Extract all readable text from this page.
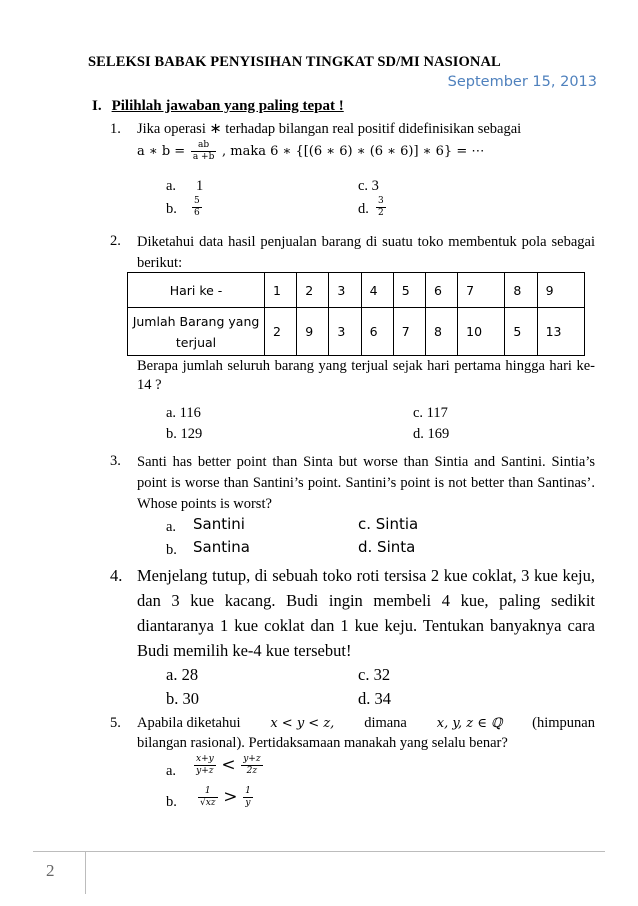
SELEKSI BABAK PENYISIHAN TINGKAT SD/MI NASIONAL
September 15, 2013
I. Pilihlah jawaban yang paling tepat !
1. Jika operasi ∗ terhadap bilangan real positif didefinisikan sebagai
a ∗ $b = \frac{ab}{a +b}$ , maka 6 ∗ {[(6 ∗ 6) ∗ (6 ∗ 6)] ∗ 6} = ⋯
a. 1
b. $\frac{5}{6}$
c. 3
d. $\frac{3}{2}$
2. Diketahui data hasil penjualan barang di suatu toko membentuk pola sebagai berikut:
Hari ke -	1	2	3	4	5	6	7	8	9
Jumlah Barang yang terjual	2	9	3	6	7	8	10	5	13
Berapa jumlah seluruh barang yang terjual sejak hari pertama hingga hari ke-14 ?
a. 116
b. 129
c. 117
d. 169
3. Santi has better point than Sinta but worse than Sintia and Santini. Sintia’s point is worse than Santini’s point. Santini’s point is not better than Santinas’. Whose points is worst?
a. Santini
b. Santina
c. Sintia
d. Sinta
4. Menjelang tutup, di sebuah toko roti tersisa 2 kue coklat, 3 kue keju, dan 3 kue kacang. Budi ingin membeli 4 kue, paling sedikit diantaranya 1 kue coklat dan 1 kue keju. Tentukan banyaknya cara Budi memilih ke-4 kue tersebut!
a. 28
b. 30
c. 32
d. 34
5. Apabila diketahui x < y < z, dimana x, y, z ∈ ℚ (himpunan
bilangan rasional). Pertidaksamaan manakah yang selalu benar?
a. $\frac{x+y}{y+z} < \frac{y+z}{2z}$
b. $\frac{1}{√xz} > \frac{1}{y}$
2
